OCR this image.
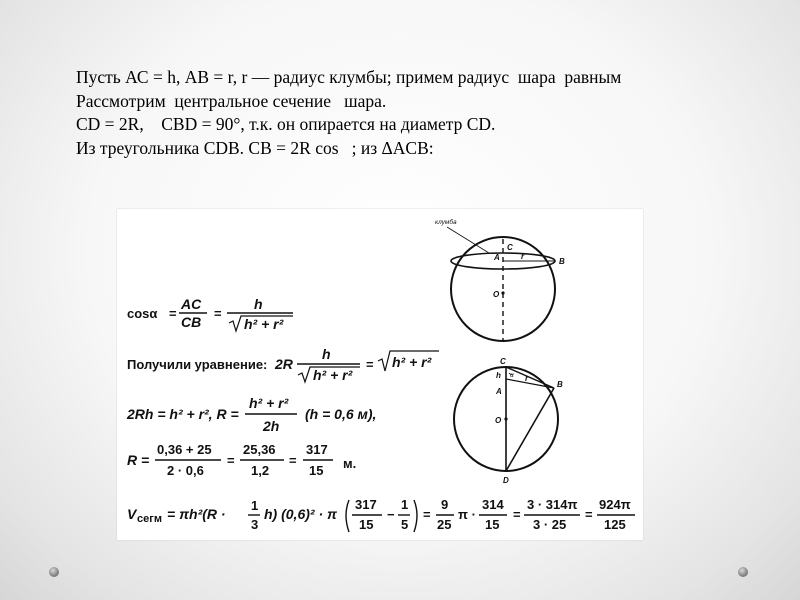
Пусть АС = h, АВ = r, r — радиус клумбы; примем радиус  шара  равным
Рассмотрим  центральное сечение   шара.
CD = 2R,    CBD = 90°, т.к. он опирается на диаметр CD.
Из треугольника CDB. CB = 2R cos   ; из ΔACB:
cosα =
AC
CB
=
h
h² + r²
Получили уравнение: 2R
h
h² + r²
= h² + r²
2Rh = h² + r², R =
h² + r²
2h
(h = 0,6 м),
R =
0,36 + 25
2 · 0,6
=
25,36
1,2
=
317
15 м.
V сегм = πh²(R ·
1
3
h) (0,6)² · π
317
15
−
1
5
=
9
25
π ·
314
15
=
3 · 314π
3 · 25
=
924π
125
клумба
C
A	B
O
r
C
h α
A
r
B
O
D
